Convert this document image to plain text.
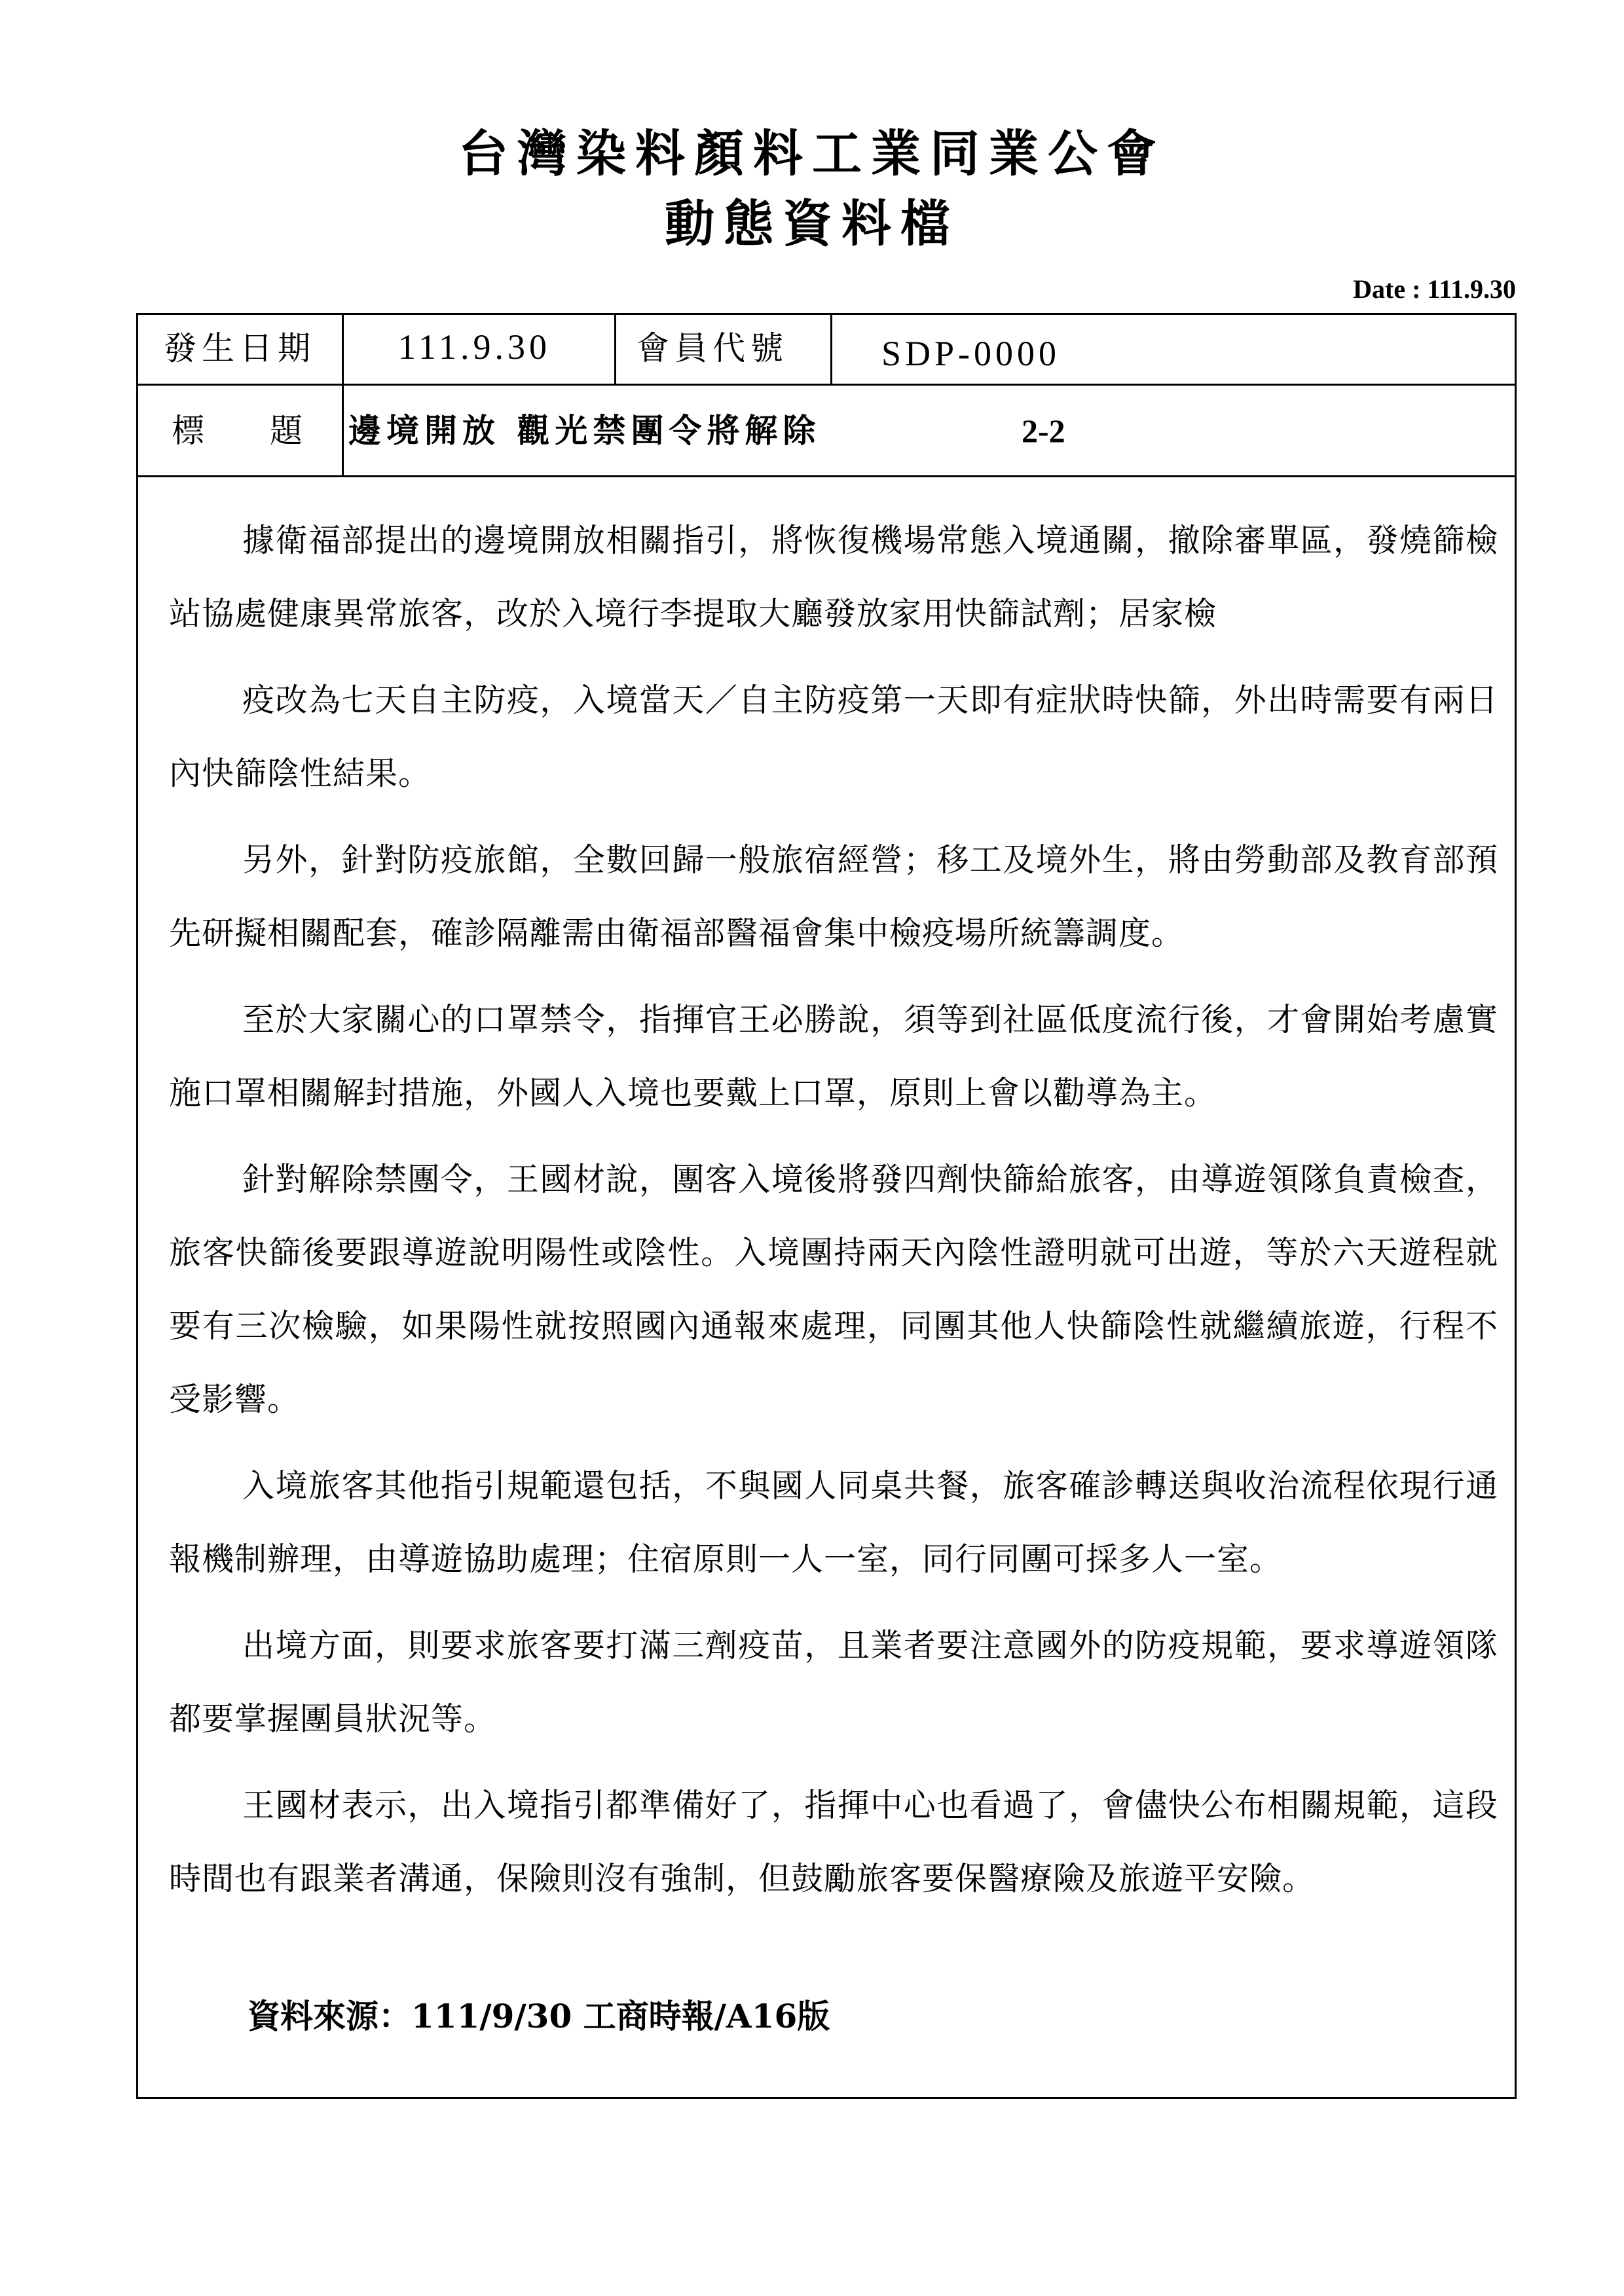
台灣染料顏料工業同業公會
動態資料檔
Date : 111.9.30
發生日期 111.9.30	會員代號	SDP-0000
標　　題 邊境開放 觀光禁團令將解除	2-2

據衛福部提出的邊境開放相關指引，將恢復機場常態入境通關，撤除審單區，發燒篩檢站協處健康異常旅客，改於入境行李提取大廳發放家用快篩試劑；居家檢

疫改為七天自主防疫，入境當天／自主防疫第一天即有症狀時快篩，外出時需要有兩日內快篩陰性結果。

另外，針對防疫旅館，全數回歸一般旅宿經營；移工及境外生，將由勞動部及教育部預先研擬相關配套，確診隔離需由衛福部醫福會集中檢疫場所統籌調度。

至於大家關心的口罩禁令，指揮官王必勝說，須等到社區低度流行後，才會開始考慮實施口罩相關解封措施，外國人入境也要戴上口罩，原則上會以勸導為主。

針對解除禁團令，王國材說，團客入境後將發四劑快篩給旅客，由導遊領隊負責檢查，旅客快篩後要跟導遊說明陽性或陰性。入境團持兩天內陰性證明就可出遊，等於六天遊程就要有三次檢驗，如果陽性就按照國內通報來處理，同團其他人快篩陰性就繼續旅遊，行程不受影響。

入境旅客其他指引規範還包括，不與國人同桌共餐，旅客確診轉送與收治流程依現行通報機制辦理，由導遊協助處理；住宿原則一人一室，同行同團可採多人一室。

出境方面，則要求旅客要打滿三劑疫苗，且業者要注意國外的防疫規範，要求導遊領隊都要掌握團員狀況等。

王國材表示，出入境指引都準備好了，指揮中心也看過了，會儘快公布相關規範，這段時間也有跟業者溝通，保險則沒有強制，但鼓勵旅客要保醫療險及旅遊平安險。

資料來源：111/9/30 工商時報/A16版
